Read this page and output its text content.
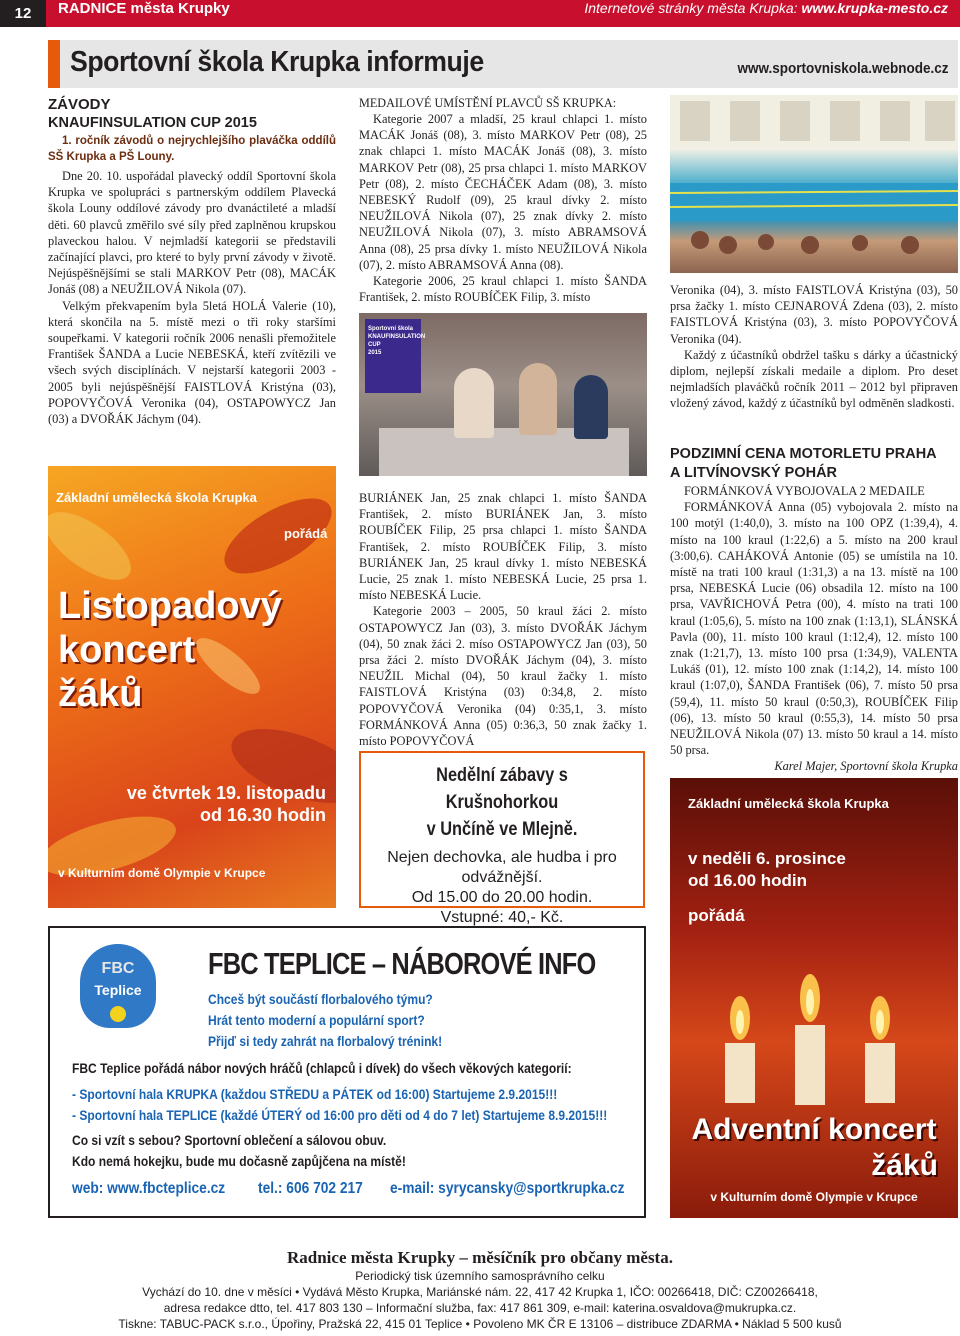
12	RADNICE města Krupky	Internetové stránky města Krupka: www.krupka-mesto.cz
Sportovní škola Krupka informuje	www.sportovniskola.webnode.cz
ZÁVODY
KNAUFINSULATION CUP 2015

1. ročník závodů o nejrychlejšího plaváčka oddílů SŠ Krupka a PŠ Louny.

Dne 20. 10. uspořádal plavecký oddíl Sportovní škola Krupka ve spolupráci s partnerským oddílem Plavecká škola Louny oddílové závody pro dvanáctileté a mladší děti. 60 plavců změřilo své síly před zaplněnou krupskou plaveckou halou. V nejmladší kategorii se představili začínající plavci, pro které to byly první závody v životě. Nejúspěšnějšími se stali MARKOV Petr (08), MACÁK Jonáš (08) a NEUŽILOVÁ Nikola (07).

Velkým překvapením byla 5letá HOLÁ Valerie (10), která skončila na 5. místě mezi o tři roky staršími soupeřkami. V kategorii ročník 2006 nenašli přemožitele František ŠANDA a Lucie NEBESKÁ, kteří zvítězili ve všech svých disciplínách. V nejstarší kategorii 2003 - 2005 byli nejúspěšnější FAISTLOVÁ Kristýna (03), POPOVYČOVÁ Veronika (04), OSTAPOWYCZ Jan (03) a DVOŘÁK Jáchym (04).

Základní umělecká škola Krupka
pořádá
Listopadový
koncert
žáků
ve čtvrtek 19. listopadu
od 16.30 hodin
v Kulturním domě Olympie v Krupce
MEDAILOVÉ UMÍSTĚNÍ PLAVCŮ SŠ KRUPKA:

Kategorie 2007 a mladší, 25 kraul chlapci 1. místo MACÁK Jonáš (08), 3. místo MARKOV Petr (08), 25 znak chlapci 1. místo MACÁK Jonáš (08), 3. místo MARKOV Petr (08), 25 prsa chlapci 1. místo MARKOV Petr (08), 2. místo ČECHÁČEK Adam (08), 3. místo NEBESKÝ Rudolf (09), 25 kraul dívky 2. místo NEUŽILOVÁ Nikola (07), 25 znak dívky 2. místo NEUŽILOVÁ Nikola (07), 3. místo ABRAMSOVÁ Anna (08), 25 prsa dívky 1. místo NEUŽILOVÁ Nikola (07), 2. místo ABRAMSOVÁ Anna (08).

Kategorie 2006, 25 kraul chlapci 1. místo ŠANDA František, 2. místo ROUBÍČEK Filip, 3. místo

Sportovní škola
KNAUFINSULATION CUP
2015

BURIÁNEK Jan, 25 znak chlapci 1. místo ŠANDA František, 2. místo BURIÁNEK Jan, 3. místo ROUBÍČEK Filip, 25 prsa chlapci 1. místo ŠANDA František, 2. místo ROUBÍČEK Filip, 3. místo BURIÁNEK Jan, 25 kraul dívky 1. místo NEBESKÁ Lucie, 25 znak 1. místo NEBESKÁ Lucie, 25 prsa 1. místo NEBESKÁ Lucie.

Kategorie 2003 – 2005, 50 kraul žáci 2. místo OSTAPOWYCZ Jan (03), 3. místo DVOŘÁK Jáchym (04), 50 znak žáci 2. míso OSTAPOWYCZ Jan (03), 50 prsa žáci 2. místo DVOŘÁK Jáchym (04), 3. místo NEUŽIL Michal (04), 50 kraul žačky 1. místo FAISTLOVÁ Kristýna (03) 0:34,8, 2. místo POPOVYČOVÁ Veronika (04) 0:35,1, 3. místo FORMÁNKOVÁ Anna (05) 0:36,3, 50 znak žačky 1. místo POPOVYČOVÁ

Nedělní zábavy s Krušnohorkou
v Unčíně ve Mlejně.
Nejen dechovka, ale hudba i pro
odvážnější.
Od 15.00 do 20.00 hodin.
Vstupné: 40,- Kč.

Veronika (04), 3. místo FAISTLOVÁ Kristýna (03), 50 prsa žačky 1. místo CEJNAROVÁ Zdena (03), 2. místo FAISTLOVÁ Kristýna (03), 3. místo POPOVYČOVÁ Veronika (04).

Každý z účastníků obdržel tašku s dárky a účastnický diplom, nejlepší získali medaile a diplom. Pro deset nejmladších plaváčků ročník 2011 – 2012 byl připraven vložený závod, každý z účastníků byl odměněn sladkosti.

PODZIMNÍ CENA MOTORLETU PRAHA
A LITVÍNOVSKÝ POHÁR
FORMÁNKOVÁ VYBOJOVALA 2 MEDAILE

FORMÁNKOVÁ Anna (05) vybojovala 2. místo na 100 motýl (1:40,0), 3. místo na 100 OPZ (1:39,4), 4. místo na 100 kraul (1:22,6) a 5. místo na 200 kraul (3:00,6). CAHÁKOVÁ Antonie (05) se umístila na 10. místě na trati 100 kraul (1:31,3) a na 13. místě na 100 prsa, NEBESKÁ Lucie (06) obsadila 12. místo na 100 prsa, VAVŘICHOVÁ Petra (00), 4. místo na trati 100 kraul (1:05,6), 5. místo na 100 znak (1:13,1), SLÁNSKÁ Pavla (00), 11. místo 100 kraul (1:12,4), 12. místo 100 znak (1:21,7), 13. místo 100 prsa (1:34,9), VALENTA Lukáš (01), 12. místo 100 znak (1:14,2), 14. místo 100 kraul (1:07,0), ŠANDA František (06), 7. místo 50 prsa (59,4), 11. místo 50 kraul (0:50,3), ROUBÍČEK Filip (06), 13. místo 50 kraul (0:55,3), 14. místo 50 prsa NEUŽILOVÁ Nikola (07) 13. místo 50 kraul a 14. místo 50 prsa.

Karel Majer, Sportovní škola Krupka
Základní umělecká škola Krupka
v neděli 6. prosince
od 16.00 hodin
pořádá
Adventní koncert
žáků
v Kulturním domě Olympie v Krupce
FBC
Teplice
FBC TEPLICE – NÁBOROVÉ INFO
Chceš být součástí florbalového týmu?
Hrát tento moderní a populární sport?
Přijď si tedy zahrát na florbalový trénink!
FBC Teplice pořádá nábor nových hráčů (chlapců i dívek) do všech věkových kategorií:
- Sportovní hala KRUPKA (každou STŘEDU a PÁTEK od 16:00) Startujeme 2.9.2015!!!
- Sportovní hala TEPLICE (každé ÚTERÝ od 16:00 pro děti od 4 do 7 let) Startujeme 8.9.2015!!!
Co si vzít s sebou? Sportovní oblečení a sálovou obuv.
Kdo nemá hokejku, bude mu dočasně zapůjčena na místě!
web: www.fbcteplice.cz tel.: 606 702 217 e-mail: syrycansky@sportkrupka.cz
Radnice města Krupky – měsíčník pro občany města.
Periodický tisk územního samosprávního celku
Vychází do 10. dne v měsíci • Vydává Město Krupka, Mariánské nám. 22, 417 42 Krupka 1, IČO: 00266418, DIČ: CZ00266418,
adresa redakce dtto, tel. 417 803 130 – Informační služba, fax: 417 861 309, e-mail: katerina.osvaldova@mukrupka.cz.
Tiskne: TABUC-PACK s.r.o., Úpořiny, Pražská 22, 415 01 Teplice • Povoleno MK ČR E 13106 – distribuce ZDARMA • Náklad 5 500 kusů
